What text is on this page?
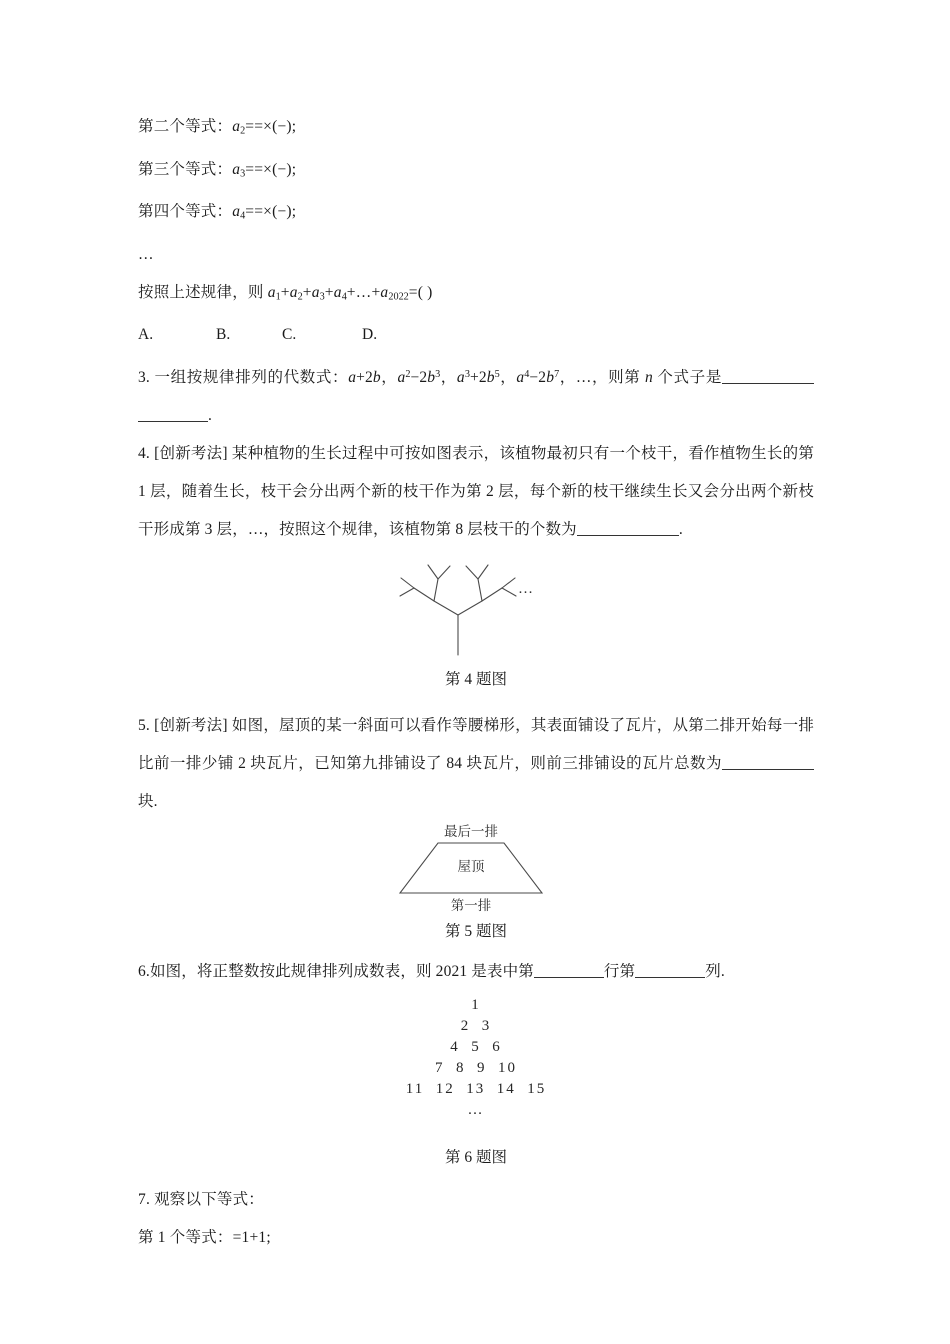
第二个等式：$a_2==\times(-)$;
第三个等式：$a_3==\times(-)$;
第四个等式：$a_4==\times(-)$;
…
按照上述规律，则 $a_1+a_2+a_3+a_4+\dots+a_{2022}=$( )
A.	B.	C.	D.
3. 一组按规律排列的代数式：a+2b，$a^2-2b^3$，$a^3+2b^5$，$a^4-2b^7$，…，则第 n 个式子是.
4. [创新考法] 某种植物的生长过程中可按如图表示，该植物最初只有一个枝干，看作植物生长的第 1 层，随着生长，枝干会分出两个新的枝干作为第 2 层，每个新的枝干继续生长又会分出两个新枝干形成第 3 层，…，按照这个规律，该植物第 8 层枝干的个数为	.
…
第 4 题图
5. [创新考法] 如图，屋顶的某一斜面可以看作等腰梯形，其表面铺设了瓦片，从第二排开始每一排比前一排少铺 2 块瓦片，已知第九排铺设了 84 块瓦片，则前三排铺设的瓦片总数为块.
最后一排
屋顶
第一排
第 5 题图
6.如图，将正整数按此规律排列成数表，则 2021 是表中第	行第	列.
1
2 3
4 5 6
7 8 9 10
11 12 13 14 15
…
第 6 题图
7. 观察以下等式：
第 1 个等式：=1+1;
